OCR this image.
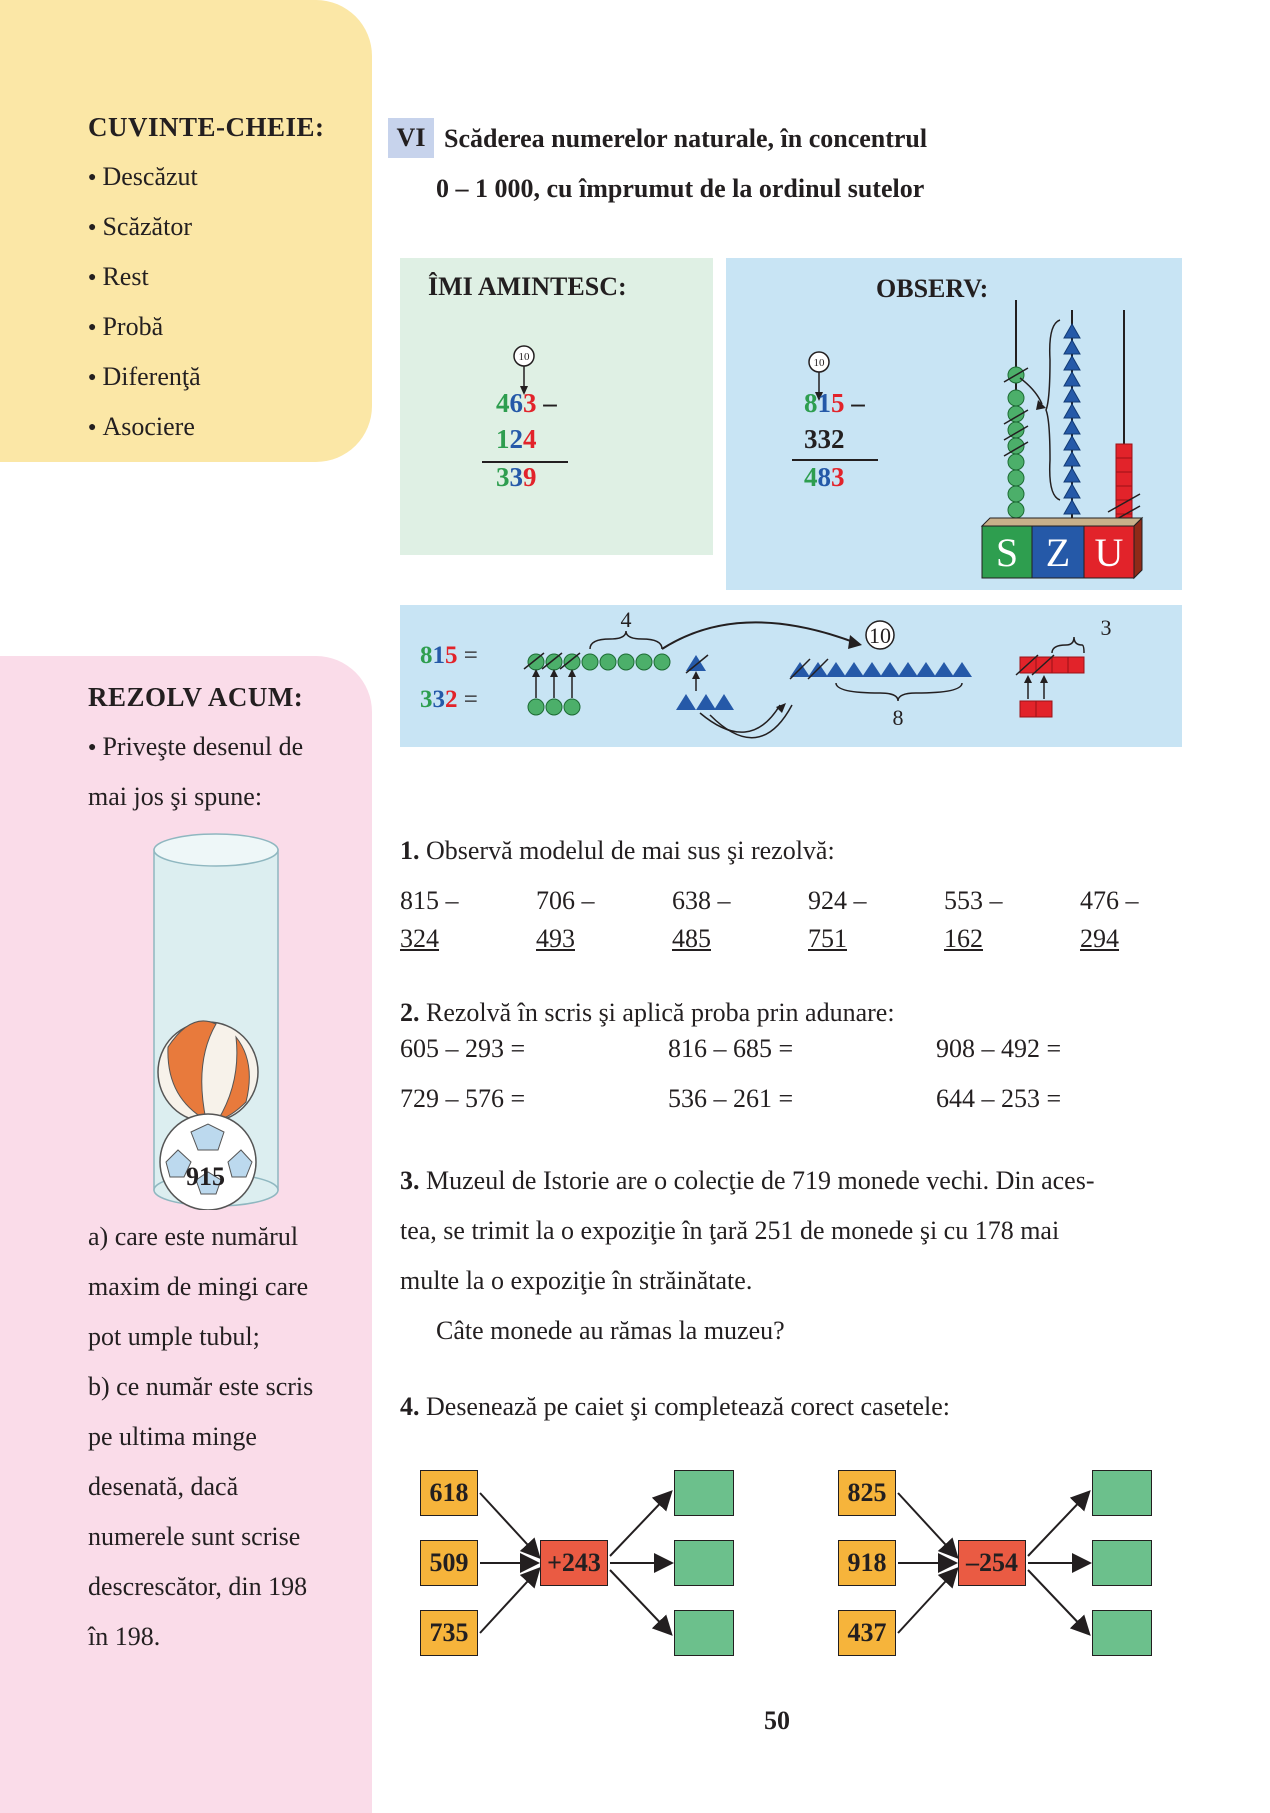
CUVINTE-CHEIE:
● Descăzut
● Scăzător
● Rest
● Probă
● Diferenţă
● Asociere
REZOLV ACUM:
● Priveşte desenul de
mai jos şi spune:
915
a) care este numărul
maxim de mingi care
pot umple tubul;
b) ce număr este scris
pe ultima minge
desenată, dacă
numerele sunt scrise
descrescător, din 198
în 198.
VI Scăderea numerelor naturale, în concentrul
0 – 1 000, cu împrumut de la ordinul sutelor
ÎMI AMINTESC:
10
463 –
124
339
OBSERV:
10
815 –
332
483
S Z U
815 =
332 =
4
10
8
3
1. Observă modelul de mai sus şi rezolvă:
815 –
324
706 –
493
638 –
485
924 –
751
553 –
162
476 –
294
2. Rezolvă în scris şi aplică proba prin adunare:
605 – 293 =	816 – 685 =	908 – 492 =
729 – 576 =	536 – 261 =	644 – 253 =
3. Muzeul de Istorie are o colecţie de 719 monede vechi. Din aces-
tea, se trimit la o expoziţie în ţară 251 de monede şi cu 178 mai
multe la o expoziţie în străinătate.
Câte monede au rămas la muzeu?
4. Desenează pe caiet şi completează corect casetele:
618
509
735
+243
825
918
437
–254
50
